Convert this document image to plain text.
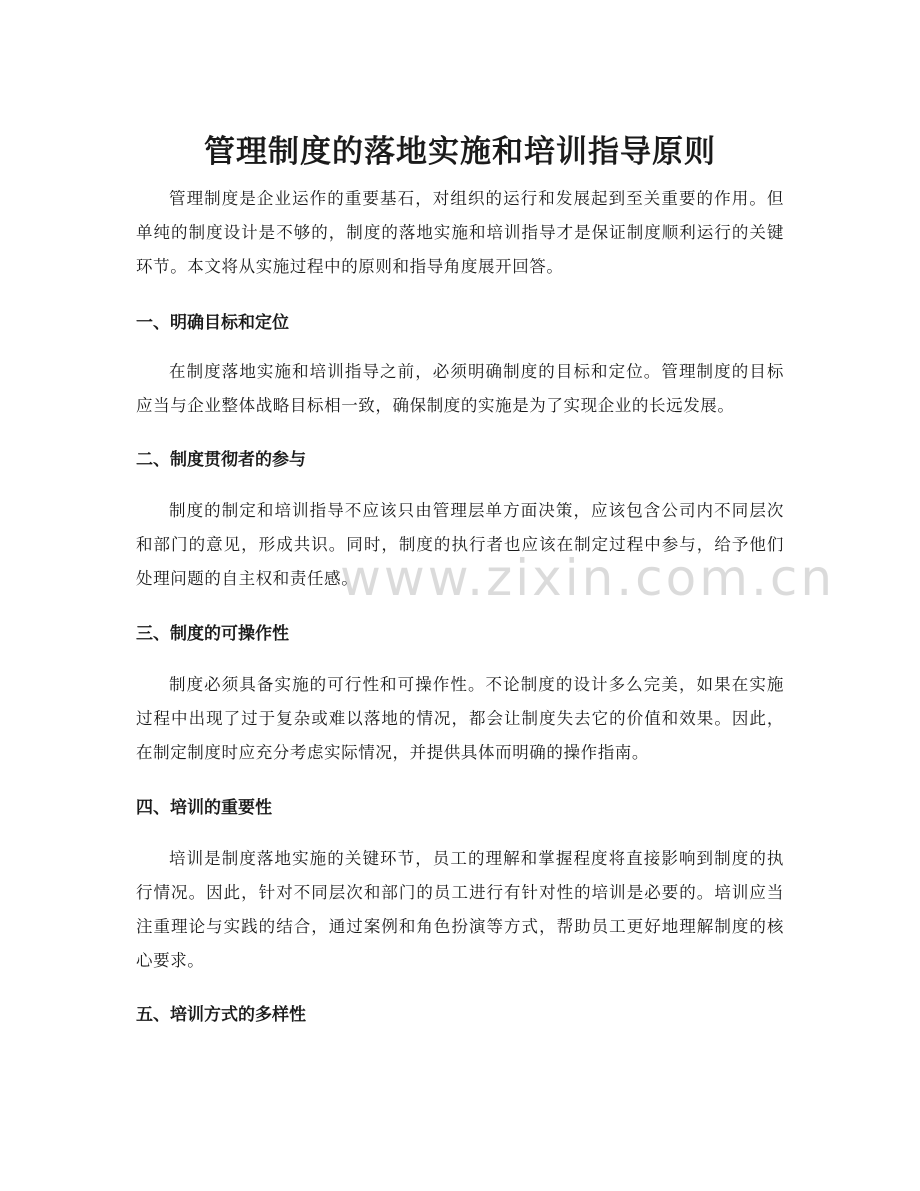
管理制度的落地实施和培训指导原则

管理制度是企业运作的重要基石，对组织的运行和发展起到至关重要的作用。但单纯的制度设计是不够的，制度的落地实施和培训指导才是保证制度顺利运行的关键环节。本文将从实施过程中的原则和指导角度展开回答。

一、明确目标和定位

在制度落地实施和培训指导之前，必须明确制度的目标和定位。管理制度的目标应当与企业整体战略目标相一致，确保制度的实施是为了实现企业的长远发展。

二、制度贯彻者的参与

制度的制定和培训指导不应该只由管理层单方面决策，应该包含公司内不同层次和部门的意见，形成共识。同时，制度的执行者也应该在制定过程中参与，给予他们处理问题的自主权和责任感。

三、制度的可操作性

制度必须具备实施的可行性和可操作性。不论制度的设计多么完美，如果在实施过程中出现了过于复杂或难以落地的情况，都会让制度失去它的价值和效果。因此，在制定制度时应充分考虑实际情况，并提供具体而明确的操作指南。

四、培训的重要性

培训是制度落地实施的关键环节，员工的理解和掌握程度将直接影响到制度的执行情况。因此，针对不同层次和部门的员工进行有针对性的培训是必要的。培训应当注重理论与实践的结合，通过案例和角色扮演等方式，帮助员工更好地理解制度的核心要求。

五、培训方式的多样性
www.zixin.com.cn
